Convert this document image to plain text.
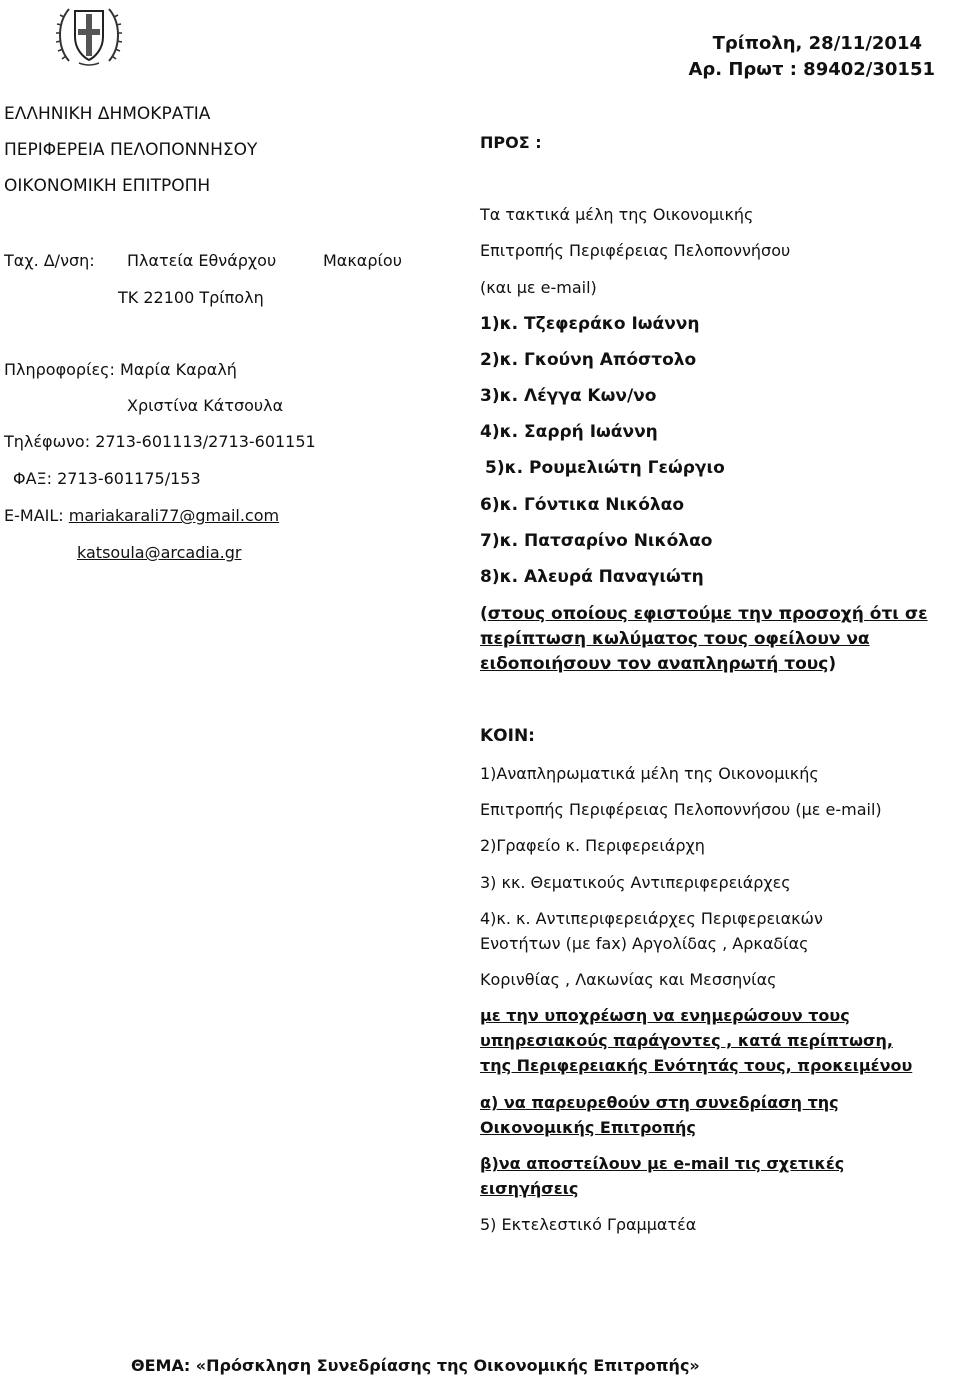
Τρίπολη, 28/11/2014
Αρ. Πρωτ : 89402/30151
ΕΛΛΗΝΙΚΗ ΔΗΜΟΚΡΑΤΙΑ
ΠΕΡΙΦΕΡΕΙΑ ΠΕΛΟΠΟΝΝΗΣΟΥ
ΟΙΚΟΝΟΜΙΚΗ ΕΠΙΤΡΟΠΗ
Ταχ. Δ/νση: Πλατεία Εθνάρχου	Μακαρίου
ΤΚ 22100 Τρίπολη
Πληροφορίες: Μαρία Καραλή
Χριστίνα Κάτσουλα
Τηλέφωνο: 2713-601113/2713-601151
ΦΑΞ: 2713-601175/153
E-MAIL: mariakarali77@gmail.com
katsoula@arcadia.gr
ΠΡΟΣ :
Τα τακτικά μέλη της Οικονομικής
Επιτροπής Περιφέρειας Πελοποννήσου
(και με e-mail)
1)κ. Τζεφεράκο Ιωάννη
2)κ. Γκούνη Απόστολο
3)κ. Λέγγα Κων/νο
4)κ. Σαρρή Ιωάννη
5)κ. Ρουμελιώτη Γεώργιο
6)κ. Γόντικα Νικόλαο
7)κ. Πατσαρίνο Νικόλαο
8)κ. Αλευρά Παναγιώτη
(στους οποίους εφιστούμε την προσοχή ότι σε
περίπτωση κωλύματος τους οφείλουν να
ειδοποιήσουν τον αναπληρωτή τους)
ΚΟΙΝ:
1)Αναπληρωματικά μέλη της Οικονομικής
Επιτροπής Περιφέρειας Πελοποννήσου (με e-mail)
2)Γραφείο κ. Περιφερειάρχη
3) κκ. Θεματικούς Αντιπεριφερειάρχες
4)κ. κ. Αντιπεριφερειάρχες Περιφερειακών
Ενοτήτων (με fax) Αργολίδας , Αρκαδίας
Κορινθίας , Λακωνίας και Μεσσηνίας
με την υποχρέωση να ενημερώσουν τους
υπηρεσιακούς παράγοντες , κατά περίπτωση,
της Περιφερειακής Ενότητάς τους, προκειμένου
α) να παρευρεθούν στη συνεδρίαση της
Οικονομικής Επιτροπής
β)να αποστείλουν με e-mail τις σχετικές
εισηγήσεις
5) Εκτελεστικό Γραμματέα
ΘΕΜΑ: «Πρόσκληση Συνεδρίασης της Οικονομικής Επιτροπής»
